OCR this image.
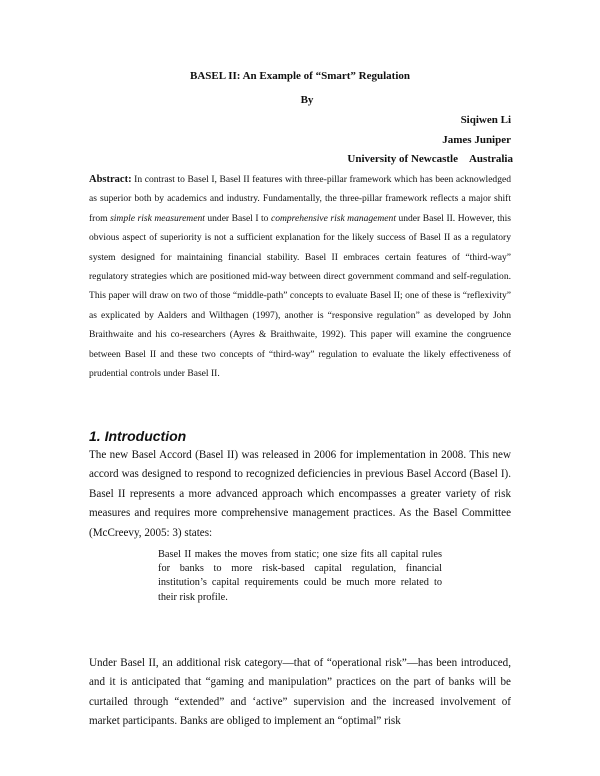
BASEL II: An Example of “Smart” Regulation
By
Siqiwen Li
James Juniper
University of Newcastle Australia
Abstract: In contrast to Basel I, Basel II features with three-pillar framework which has been acknowledged as superior both by academics and industry. Fundamentally, the three-pillar framework reflects a major shift from simple risk measurement under Basel I to comprehensive risk management under Basel II. However, this obvious aspect of superiority is not a sufficient explanation for the likely success of Basel II as a regulatory system designed for maintaining financial stability. Basel II embraces certain features of “third-way” regulatory strategies which are positioned mid-way between direct government command and self-regulation. This paper will draw on two of those “middle-path” concepts to evaluate Basel II; one of these is “reflexivity” as explicated by Aalders and Wilthagen (1997), another is “responsive regulation” as developed by John Braithwaite and his co-researchers (Ayres & Braithwaite, 1992). This paper will examine the congruence between Basel II and these two concepts of “third-way” regulation to evaluate the likely effectiveness of prudential controls under Basel II.
1. Introduction
The new Basel Accord (Basel II) was released in 2006 for implementation in 2008. This new accord was designed to respond to recognized deficiencies in previous Basel Accord (Basel I). Basel II represents a more advanced approach which encompasses a greater variety of risk measures and requires more comprehensive management practices. As the Basel Committee (McCreevy, 2005: 3) states:
Basel II makes the moves from static; one size fits all capital rules for banks to more risk-based capital regulation, financial institution’s capital requirements could be much more related to their risk profile.
Under Basel II, an additional risk category—that of “operational risk”—has been introduced, and it is anticipated that “gaming and manipulation” practices on the part of banks will be curtailed through “extended” and ‘active” supervision and the increased involvement of market participants. Banks are obliged to implement an “optimal” risk
